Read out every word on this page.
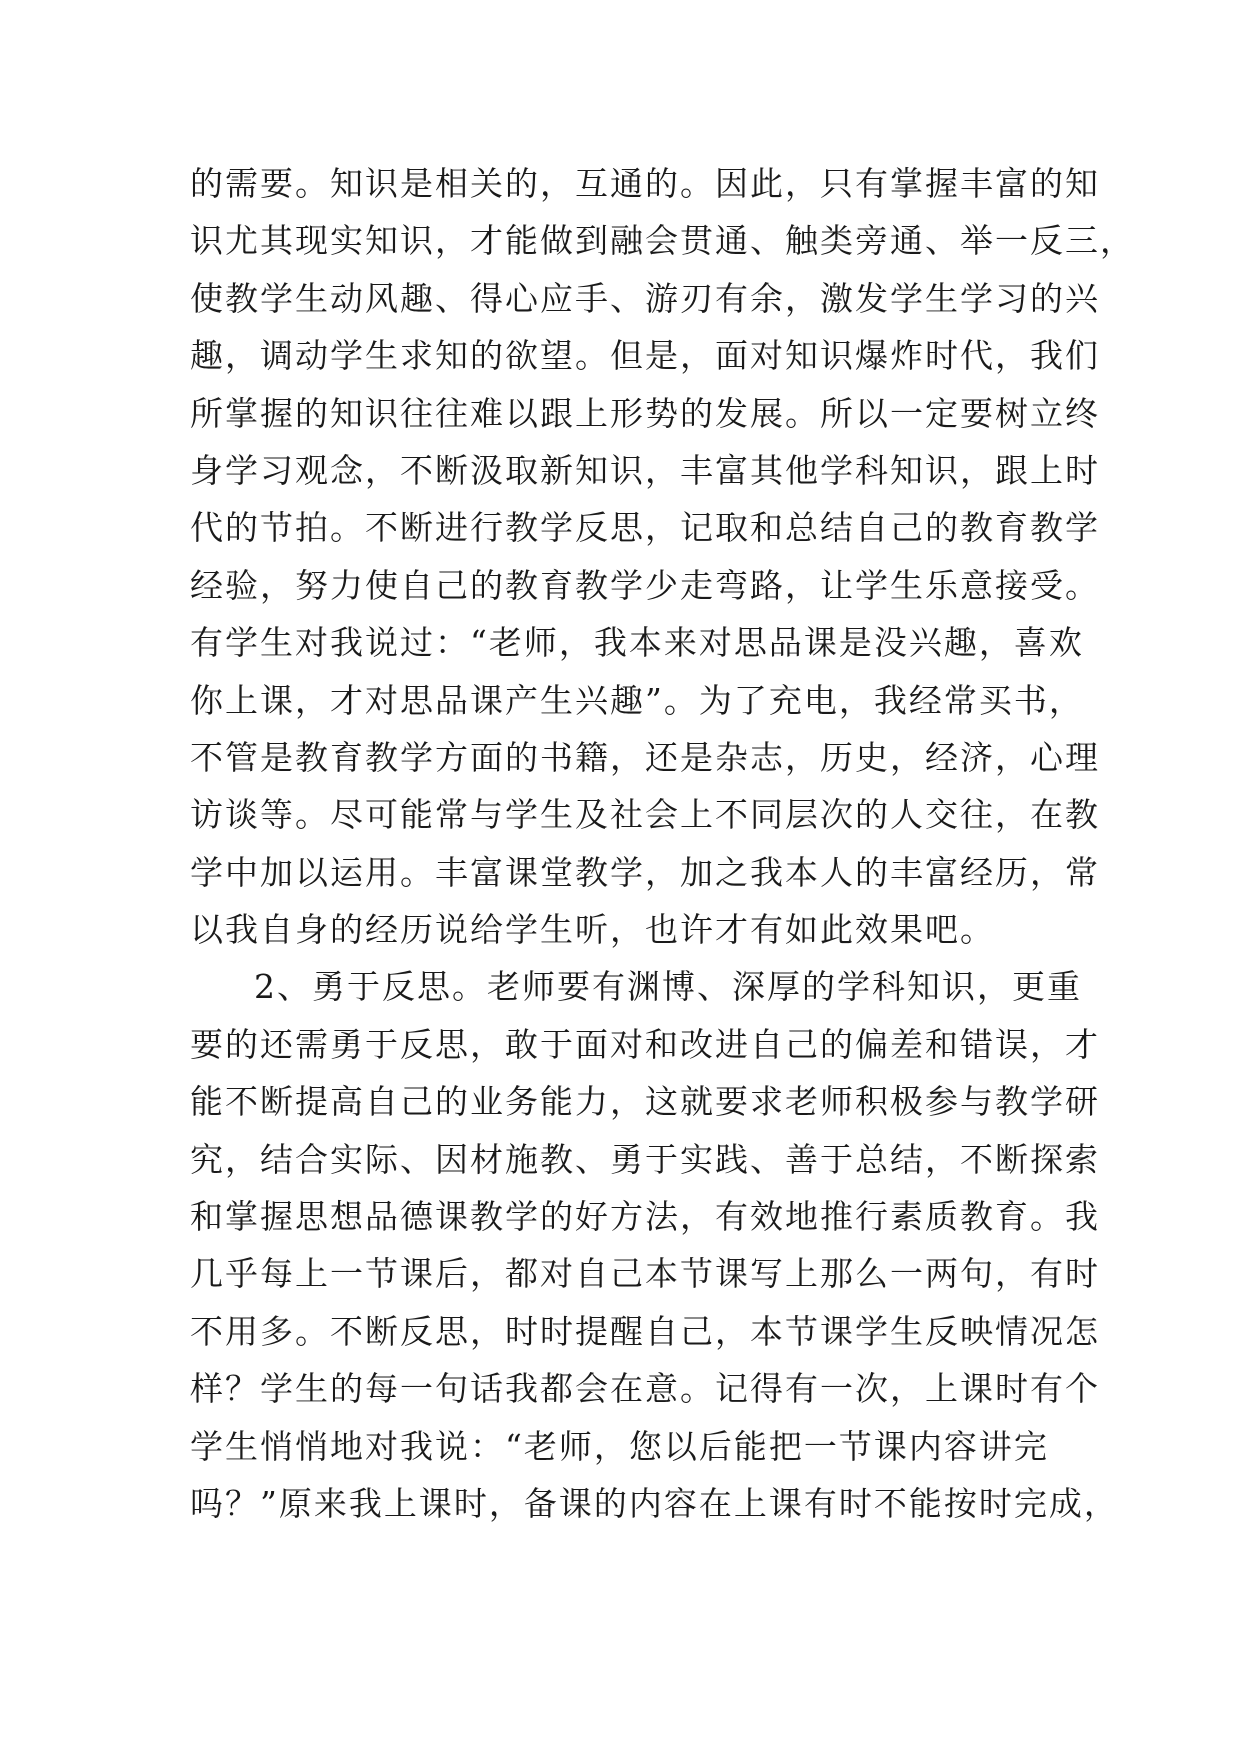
的需要。知识是相关的，互通的。因此，只有掌握丰富的知
识尤其现实知识，才能做到融会贯通、触类旁通、举一反三，
使教学生动风趣、得心应手、游刃有余，激发学生学习的兴
趣，调动学生求知的欲望。但是，面对知识爆炸时代，我们
所掌握的知识往往难以跟上形势的发展。所以一定要树立终
身学习观念，不断汲取新知识，丰富其他学科知识，跟上时
代的节拍。不断进行教学反思，记取和总结自己的教育教学
经验，努力使自己的教育教学少走弯路，让学生乐意接受。
有学生对我说过：“老师，我本来对思品课是没兴趣，喜欢
你上课，才对思品课产生兴趣”。为了充电，我经常买书，
不管是教育教学方面的书籍，还是杂志，历史，经济，心理
访谈等。尽可能常与学生及社会上不同层次的人交往，在教
学中加以运用。丰富课堂教学，加之我本人的丰富经历，常
以我自身的经历说给学生听，也许才有如此效果吧。
2、勇于反思。老师要有渊博、深厚的学科知识，更重
要的还需勇于反思，敢于面对和改进自己的偏差和错误，才
能不断提高自己的业务能力，这就要求老师积极参与教学研
究，结合实际、因材施教、勇于实践、善于总结，不断探索
和掌握思想品德课教学的好方法，有效地推行素质教育。我
几乎每上一节课后，都对自己本节课写上那么一两句，有时
不用多。不断反思，时时提醒自己，本节课学生反映情况怎
样？学生的每一句话我都会在意。记得有一次，上课时有个
学生悄悄地对我说：“老师，您以后能把一节课内容讲完
吗？”原来我上课时，备课的内容在上课有时不能按时完成，
